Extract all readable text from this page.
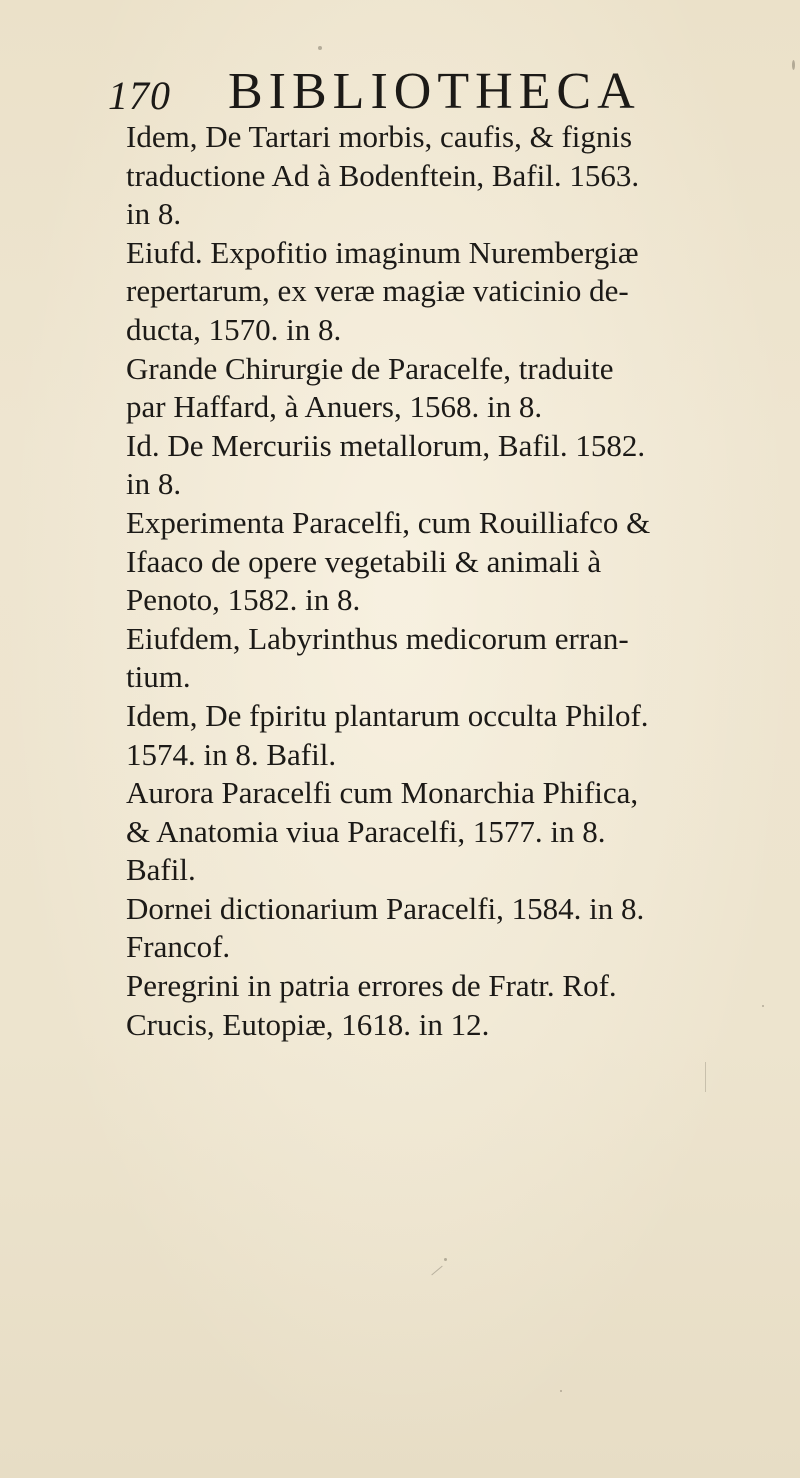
170 BIBLIOTHECA

Idem, De Tartari morbis, caufis, & fignis
traductione Ad à Bodenftein, Bafil. 1563.
in 8.

Eiufd. Expofitio imaginum Nurembergiæ
repertarum, ex veræ magiæ vaticinio de-
ducta, 1570. in 8.

Grande Chirurgie de Paracelfe, traduite
par Haffard, à Anuers, 1568. in 8.

Id. De Mercuriis metallorum, Bafil. 1582.
in 8.

Experimenta Paracelfi, cum Rouilliafco &
Ifaaco de opere vegetabili & animali à
Penoto, 1582. in 8.

Eiufdem, Labyrinthus medicorum erran-
tium.

Idem, De fpiritu plantarum occulta Philof.
1574. in 8. Bafil.

Aurora Paracelfi cum Monarchia Phifica,
& Anatomia viua Paracelfi, 1577. in 8.
Bafil.

Dornei dictionarium Paracelfi, 1584. in 8.
Francof.

Peregrini in patria errores de Fratr. Rof.
Crucis, Eutopiæ, 1618. in 12.
